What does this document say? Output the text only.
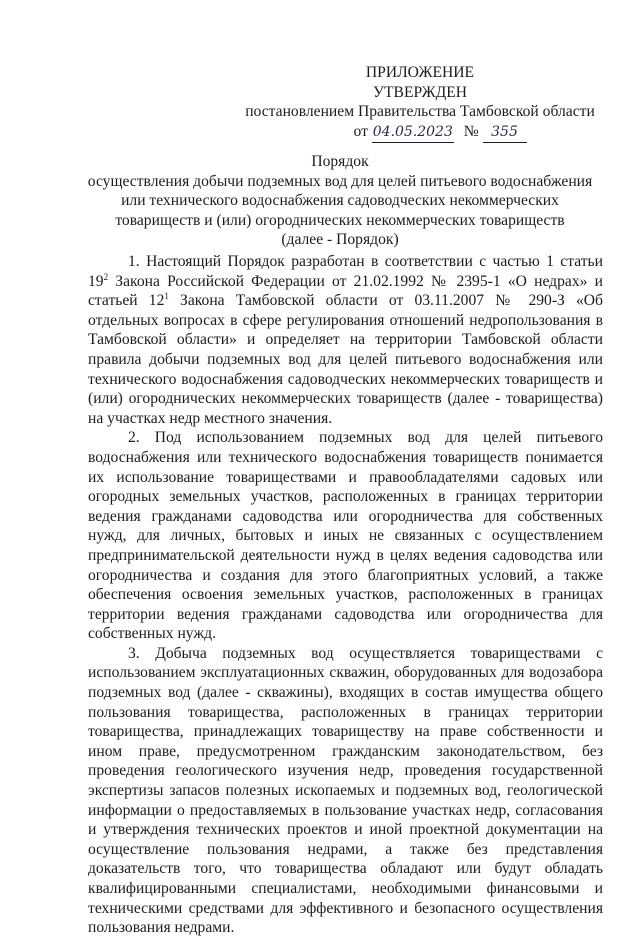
ПРИЛОЖЕНИЕ
УТВЕРЖДЕН
постановлением Правительства Тамбовской области
от 04.05.2023 № 355
Порядок
осуществления добычи подземных вод для целей питьевого водоснабжения
или технического водоснабжения садоводческих некоммерческих
товариществ и (или) огороднических некоммерческих товариществ
(далее - Порядок)

1. Настоящий Порядок разработан в соответствии с частью 1 статьи $19^2$ Закона Российской Федерации от 21.02.1992 № 2395-1 «О недрах» и статьей $12^1$ Закона Тамбовской области от 03.11.2007 № 290-З «Об отдельных вопросах в сфере регулирования отношений недропользования в Тамбовской области» и определяет на территории Тамбовской области правила добычи подземных вод для целей питьевого водоснабжения или технического водоснабжения садоводческих некоммерческих товариществ и (или) огороднических некоммерческих товариществ (далее - товарищества) на участках недр местного значения.

2. Под использованием подземных вод для целей питьевого водоснабжения или технического водоснабжения товариществ понимается их использование товариществами и правообладателями садовых или огородных земельных участков, расположенных в границах территории ведения гражданами садоводства или огородничества для собственных нужд, для личных, бытовых и иных не связанных с осуществлением предпринимательской деятельности нужд в целях ведения садоводства или огородничества и создания для этого благоприятных условий, а также обеспечения освоения земельных участков, расположенных в границах территории ведения гражданами садоводства или огородничества для собственных нужд.

3. Добыча подземных вод осуществляется товариществами с использованием эксплуатационных скважин, оборудованных для водозабора подземных вод (далее - скважины), входящих в состав имущества общего пользования товарищества, расположенных в границах территории товарищества, принадлежащих товариществу на праве собственности и ином праве, предусмотренном гражданским законодательством, без проведения геологического изучения недр, проведения государственной экспертизы запасов полезных ископаемых и подземных вод, геологической информации о предоставляемых в пользование участках недр, согласования и утверждения технических проектов и иной проектной документации на осуществление пользования недрами, а также без представления доказательств того, что товарищества обладают или будут обладать квалифицированными специалистами, необходимыми финансовыми и техническими средствами для эффективного и безопасного осуществления пользования недрами.
